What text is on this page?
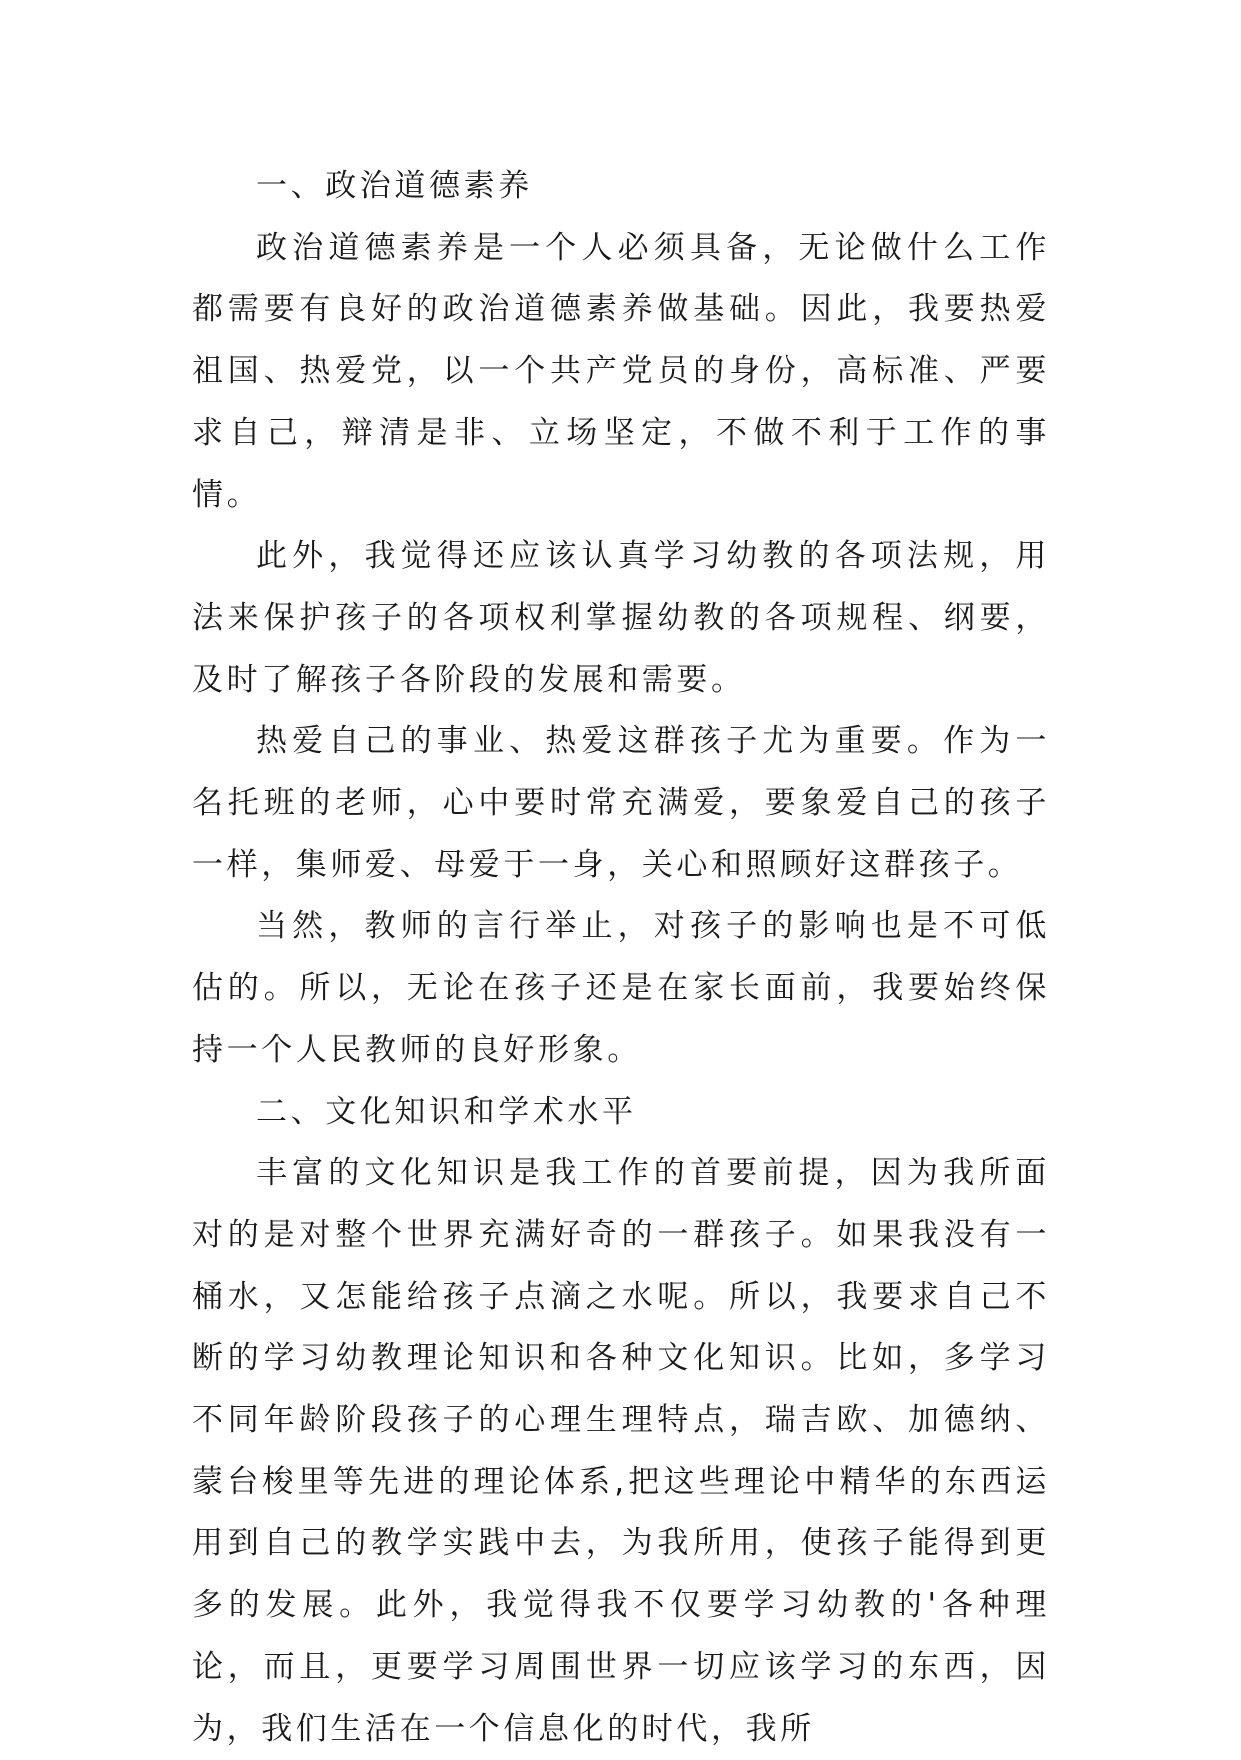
一、政治道德素养

政治道德素养是一个人必须具备，无论做什么工作都需要有良好的政治道德素养做基础。因此，我要热爱祖国、热爱党，以一个共产党员的身份，高标准、严要求自己，辩清是非、立场坚定，不做不利于工作的事情。

此外，我觉得还应该认真学习幼教的各项法规，用法来保护孩子的各项权利掌握幼教的各项规程、纲要，及时了解孩子各阶段的发展和需要。

热爱自己的事业、热爱这群孩子尤为重要。作为一名托班的老师，心中要时常充满爱，要象爱自己的孩子一样，集师爱、母爱于一身，关心和照顾好这群孩子。

当然，教师的言行举止，对孩子的影响也是不可低估的。所以，无论在孩子还是在家长面前，我要始终保持一个人民教师的良好形象。

二、文化知识和学术水平

丰富的文化知识是我工作的首要前提，因为我所面对的是对整个世界充满好奇的一群孩子。如果我没有一桶水，又怎能给孩子点滴之水呢。所以，我要求自己不断的学习幼教理论知识和各种文化知识。比如，多学习不同年龄阶段孩子的心理生理特点，瑞吉欧、加德纳、蒙台梭里等先进的理论体系,把这些理论中精华的东西运用到自己的教学实践中去，为我所用，使孩子能得到更多的发展。此外，我觉得我不仅要学习幼教的'各种理论，而且，更要学习周围世界一切应该学习的东西，因为，我们生活在一个信息化的时代，我所
